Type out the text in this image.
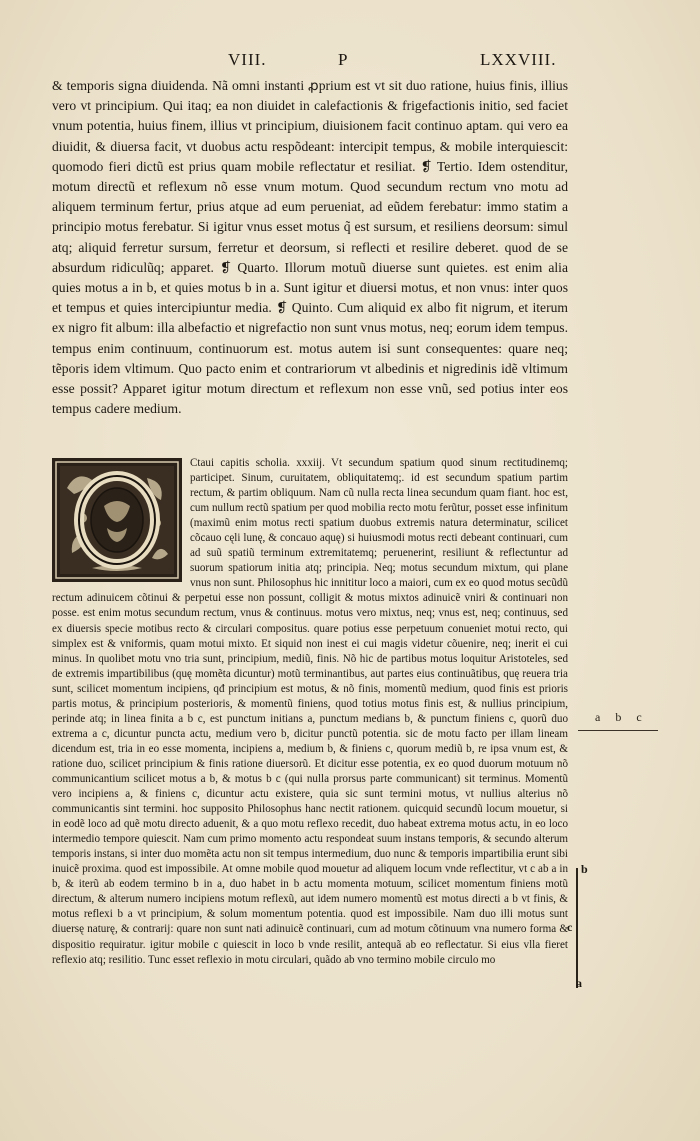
VIII.	P	LXXVIII.

& temporis signa diuidenda. Nã omni instanti ꝓprium est vt sit duo ratione, huius finis, illius vero vt principium. Qui itaq; ea non diuidet in calefactionis & frigefactionis initio, sed faciet vnum potentia, huius finem, illius vt principium, diuisionem facit continuo aptam. qui vero ea diuidit, & diuersa facit, vt duobus actu respõdeant: intercipit tempus, & mobile interquiescit: quomodo fieri dictũ est prius quam mobile reflectatur et resiliat. ❡ Tertio. Idem ostenditur, motum directũ et reflexum nõ esse vnum motum. Quod secundum rectum vno motu ad aliquem terminum fertur, prius atque ad eum perueniat, ad eũdem ferebatur: immo statim a principio motus ferebatur. Si igitur vnus esset motus q̃ est sursum, et resiliens deorsum: simul atq; aliquid ferretur sursum, ferretur et deorsum, si reflecti et resilire deberet. quod de se absurdum ridiculũq; apparet. ❡ Quarto. Illorum motuũ diuerse sunt quietes. est enim alia quies motus a in b, et quies motus b in a. Sunt igitur et diuersi motus, et non vnus: inter quos et tempus et quies intercipiuntur media. ❡ Quinto. Cum aliquid ex albo fit nigrum, et iterum ex nigro fit album: illa albefactio et nigrefactio non sunt vnus motus, neq; eorum idem tempus. tempus enim continuum, continuorum est. motus autem isi sunt consequentes: quare neq; tẽporis idem vltimum. Quo pacto enim et contrariorum vt albedinis et nigredinis idẽ vltimum esse possit? Apparet igitur motum directum et reflexum non esse vnũ, sed potius inter eos tempus cadere medium.

Ctaui capitis scholia. xxxiij. Vt secundum spatium quod sinum rectitudinemq; participet. Sinum, curuitatem, obliquitatemq;. id est secundum spatium partim rectum, & partim obliquum. Nam cũ nulla recta linea secundum quam fiant. hoc est, cum nullum rectũ spatium per quod mobilia recto motu ferũtur, posset esse infinitum (maximũ enim motus recti spatium duobus extremis natura determinatur, scilicet cõcauo cęli lunę, & concauo aquę) si huiusmodi motus recti debeant continuari, cum ad suũ spatiũ terminum extremitatemq; peruenerint, resiliunt & reflectuntur ad suorum spatiorum initia atq; principia. Neq; motus secundum mixtum, qui plane vnus non sunt. Philosophus hic innititur loco a maiori, cum ex eo quod motus secũdũ rectum adinuicem cõtinui & perpetui esse non possunt, colligit & motus mixtos adinuicẽ vniri & continuari non posse. est enim motus secundum rectum, vnus & continuus. motus vero mixtus, neq; vnus est, neq; continuus, sed ex diuersis specie motibus recto & circulari compositus. quare potius esse perpetuum conueniet motui recto, qui simplex est & vniformis, quam motui mixto. Et siquid non inest ei cui magis videtur cõuenire, neq; inerit ei cui minus. In quolibet motu vno tria sunt, principium, mediũ, finis. Nõ hic de partibus motus loquitur Aristoteles, sed de extremis impartibilibus (quę momẽta dicuntur) motũ terminantibus, aut partes eius continuãtibus, quę reuera tria sunt, scilicet momentum incipiens, qđ principium est motus, & nõ finis, momentũ medium, quod finis est prioris partis motus, & principium posterioris, & momentũ finiens, quod totius motus finis est, & nullius principium, perinde atq; in linea finita a b c, est punctum initians a, punctum medians b, & punctum finiens c, quorũ duo extrema a c, dicuntur puncta actu, medium vero b, dicitur punctũ potentia. sic de motu facto per illam lineam dicendum est, tria in eo esse momenta, incipiens a, medium b, & finiens c, quorum mediũ b, re ipsa vnum est, & ratione duo, scilicet principium & finis ratione diuersorũ. Et dicitur esse potentia, ex eo quod duorum motuum nõ communicantium scilicet motus a b, & motus b c (qui nulla prorsus parte communicant) sit terminus. Momentũ vero incipiens a, & finiens c, dicuntur actu existere, quia sic sunt termini motus, vt nullius alterius nõ communicantis sint termini. hoc supposito Philosophus hanc nectit rationem. quicquid secundũ locum mouetur, si in eodẽ loco ad quẽ motu directo aduenit, & a quo motu reflexo recedit, duo habeat extrema motus actu, in eo loco intermedio tempore quiescit. Nam cum primo momento actu respondeat suum instans temporis, & secundo alterum temporis instans, si inter duo momẽta actu non sit tempus intermedium, duo nunc & temporis impartibilia erunt sibi inuicẽ proxima. quod est impossibile. At omne mobile quod mouetur ad aliquem locum vnde reflectitur, vt c ab a in b, & iterũ ab eodem termino b in a, duo habet in b actu momenta motuum, scilicet momentum finiens motũ directum, & alterum numero incipiens motum reflexũ, aut idem numero momentũ est motus directi a b vt finis, & motus reflexi b a vt principium, & solum momentum potentia. quod est impossibile. Nam duo illi motus sunt diuersę naturę, & contrarij: quare non sunt nati adinuicẽ continuari, cum ad motum cõtinuum vna numero forma & dispositio requiratur. igitur mobile c quiescit in loco b vnde resilit, antequã ab eo reflectatur. Si eius vlla fieret reflexio atq; resilitio. Tunc esset reflexio in motu circulari, quãdo ab vno termino mobile circulo mo

a b c
b
c
a
